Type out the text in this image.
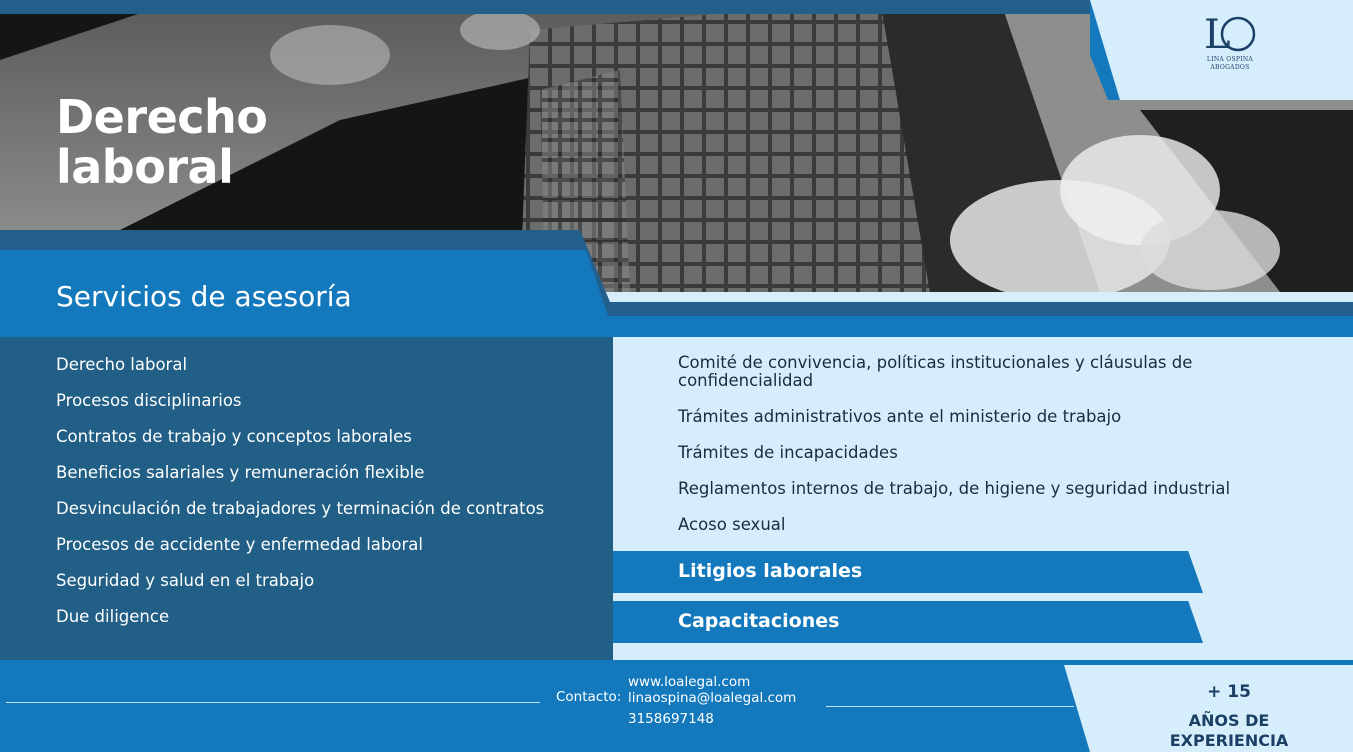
Derecho
laboral
L
LINA OSPINA
ABOGADOS
Servicios de asesoría
Derecho laboral
Procesos disciplinarios
Contratos de trabajo y conceptos laborales
Beneficios salariales y remuneración flexible
Desvinculación de trabajadores y terminación de contratos
Procesos de accidente y enfermedad laboral
Seguridad y salud en el trabajo
Due diligence
Comité de convivencia, políticas institucionales y cláusulas de
confidencialidad
Trámites administrativos ante el ministerio de trabajo
Trámites de incapacidades
Reglamentos internos de trabajo, de higiene y seguridad industrial
Acoso sexual
Litigios laborales
Capacitaciones
Contacto:
www.loalegal.com
linaospina@loalegal.com
3158697148
+ 15
AÑOS DE
EXPERIENCIA
